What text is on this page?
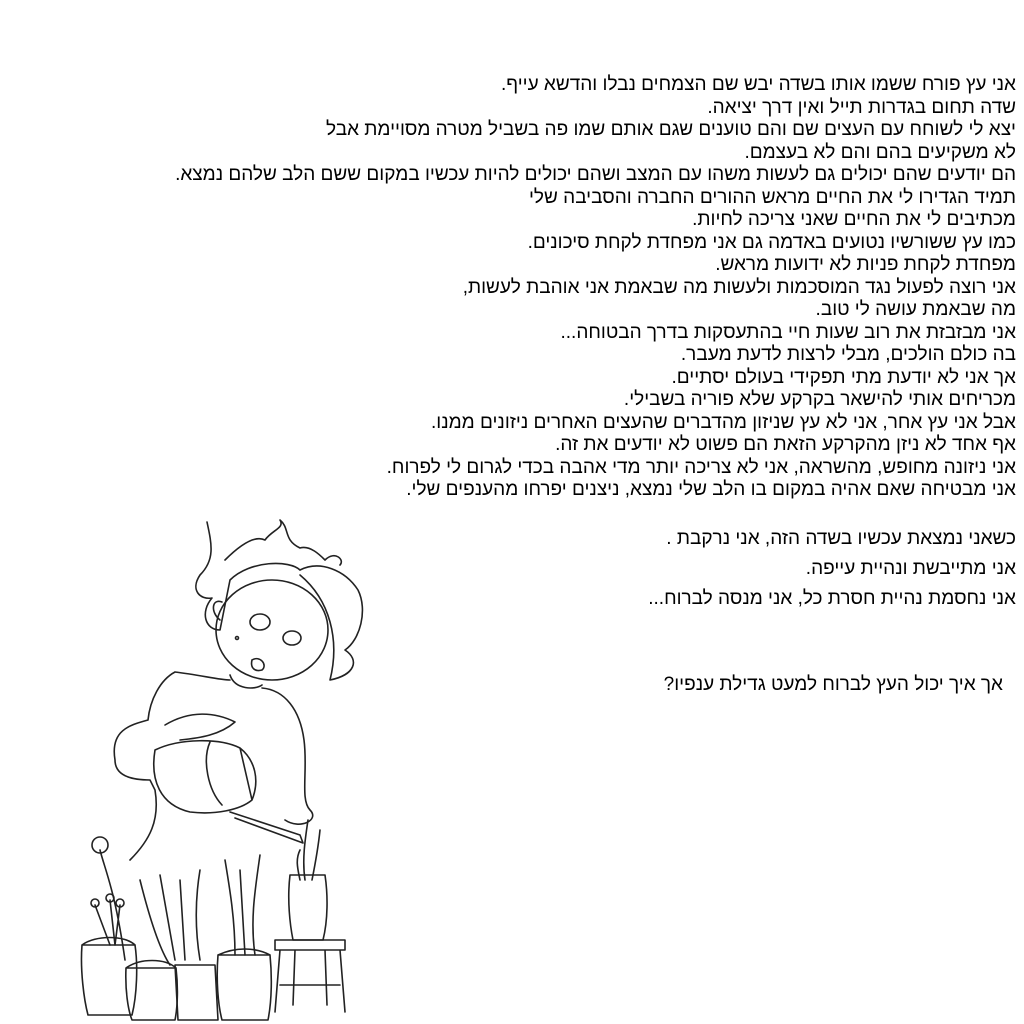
אני עץ פורח ששמו אותו בשדה יבש שם הצמחים נבלו והדשא עייף.
שדה תחום בגדרות תייל ואין דרך יציאה.
יצא לי לשוחח עם העצים שם והם טוענים שגם אותם שמו פה בשביל מטרה מסויימת אבל
לא משקיעים בהם והם לא בעצמם.
הם יודעים שהם יכולים גם לעשות משהו עם המצב ושהם יכולים להיות עכשיו במקום ששם הלב שלהם נמצא.
תמיד הגדירו לי את החיים מראש ההורים החברה והסביבה שלי
מכתיבים לי את החיים שאני צריכה לחיות.
כמו עץ ששורשיו נטועים באדמה גם אני מפחדת לקחת סיכונים.
מפחדת לקחת פניות לא ידועות מראש.
אני רוצה לפעול נגד המוסכמות ולעשות מה שבאמת אני אוהבת לעשות,
מה שבאמת עושה לי טוב.
אני מבזבזת את רוב שעות חיי בהתעסקות בדרך הבטוחה...
בה כולם הולכים, מבלי לרצות לדעת מעבר.
אך אני לא יודעת מתי תפקידי בעולם יסתיים.
מכריחים אותי להישאר בקרקע שלא פוריה בשבילי.
אבל אני עץ אחר, אני לא עץ שניזון מהדברים שהעצים האחרים ניזונים ממנו.
אף אחד לא ניזן מהקרקע הזאת הם פשוט לא יודעים את זה.
אני ניזונה מחופש, מהשראה, אני לא צריכה יותר מדי אהבה בכדי לגרום לי לפרוח.
אני מבטיחה שאם אהיה במקום בו הלב שלי נמצא, ניצנים יפרחו מהענפים שלי.
כשאני נמצאת עכשיו בשדה הזה, אני נרקבת .
אני מתייבשת ונהיית עייפה.
אני נחסמת נהיית חסרת כל, אני מנסה לברוח...
אך איך יכול העץ לברוח למעט גדילת ענפיו?
